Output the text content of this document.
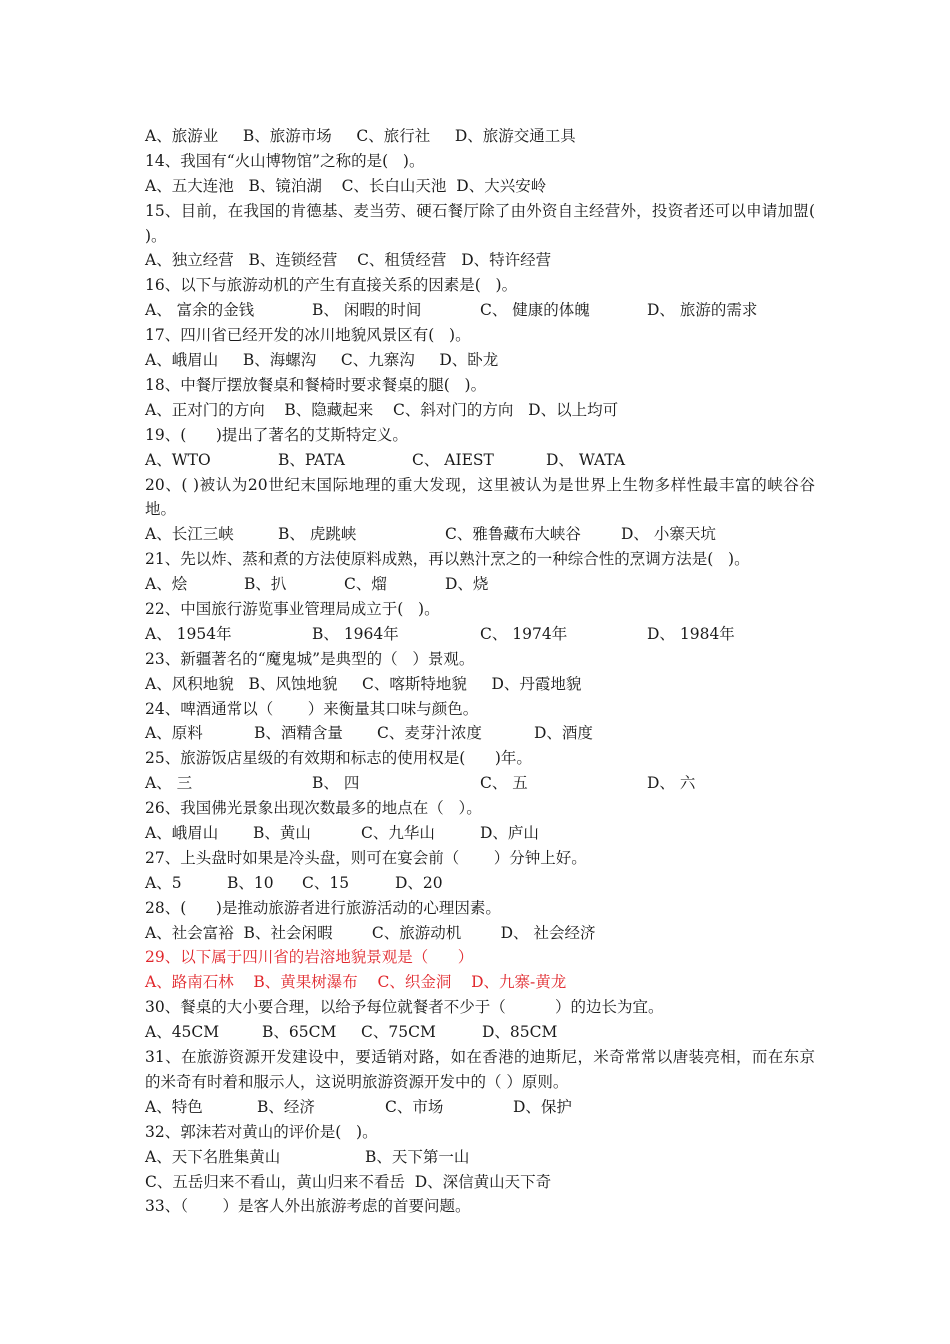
A、旅游业     B、旅游市场     C、旅行社     D、旅游交通工具
14、我国有“火山博物馆”之称的是(   )。
A、五大连池   B、镜泊湖    C、长白山天池  D、大兴安岭
15、目前，在我国的肯德基、麦当劳、硬石餐厅除了由外资自主经营外，投资者还可以申请加盟( )。
A、独立经营   B、连锁经营    C、租赁经营   D、特许经营
16、以下与旅游动机的产生有直接关系的因素是(   )。

A、 富余的金钱

	B、 闲暇的时间

	C、 健康的体魄

	D、 旅游的需求

17、四川省已经开发的冰川地貌风景区有(   )。
A、峨眉山     B、海螺沟     C、九寨沟     D、卧龙
18、中餐厅摆放餐桌和餐椅时要求餐桌的腿(   )。
A、正对门的方向    B、隐藏起来    C、斜对门的方向   D、以上均可
19、(      )提出了著名的艾斯特定义。

A、WTO

	B、PATA

	C、 AIEST

	D、 WATA

20、( )被认为20世纪末国际地理的重大发现，这里被认为是世界上生物多样性最丰富的峡谷谷地。

A、长江三峡

	B、 虎跳峡

	C、雅鲁藏布大峡谷

	D、 小寨天坑

21、先以炸、蒸和煮的方法使原料成熟，再以熟汁烹之的一种综合性的烹调方法是(   )。

A、烩

	B、扒

	C、熘

	D、烧

22、中国旅行游览事业管理局成立于(   )。

A、 1954年

	B、 1964年

	C、 1974年

	D、 1984年

23、新疆著名的“魔鬼城”是典型的（   ）景观。
A、风积地貌   B、风蚀地貌     C、喀斯特地貌     D、丹霞地貌
24、啤酒通常以（       ）来衡量其口味与颜色。

A、原料

	B、酒精含量

C、麦芽汁浓度

	D、酒度

25、旅游饭店星级的有效期和标志的使用权是(      )年。

A、 三

	B、 四

	C、 五

	D、 六

26、我国佛光景象出现次数最多的地点在（   ）。

A、峨眉山

B、黄山

	C、九华山

	D、庐山

27、上头盘时如果是冷头盘，则可在宴会前（       ）分钟上好。

A、5

	B、10

C、15

	D、20

28、(      )是推动旅游者进行旅游活动的心理因素。
A、社会富裕  B、社会闲暇        C、旅游动机        D、 社会经济
29、以下属于四川省的岩溶地貌景观是（      ）
A、路南石林    B、黄果树瀑布    C、织金洞    D、九寨-黄龙
30、餐桌的大小要合理，以给予每位就餐者不少于（          ）的边长为宜。

A、45CM

	B、65CM

C、75CM

	D、85CM

31、在旅游资源开发建设中，要适销对路，如在香港的迪斯尼，米奇常常以唐装亮相，而在东京的米奇有时着和服示人，这说明旅游资源开发中的（ ）原则。

A、特色

	B、经济

	C、市场

	D、保护

32、郭沫若对黄山的评价是(   )。

A、天下名胜集黄山

	B、天下第一山

C、五岳归来不看山，黄山归来不看岳  D、深信黄山天下奇
33、（       ）是客人外出旅游考虑的首要问题。
